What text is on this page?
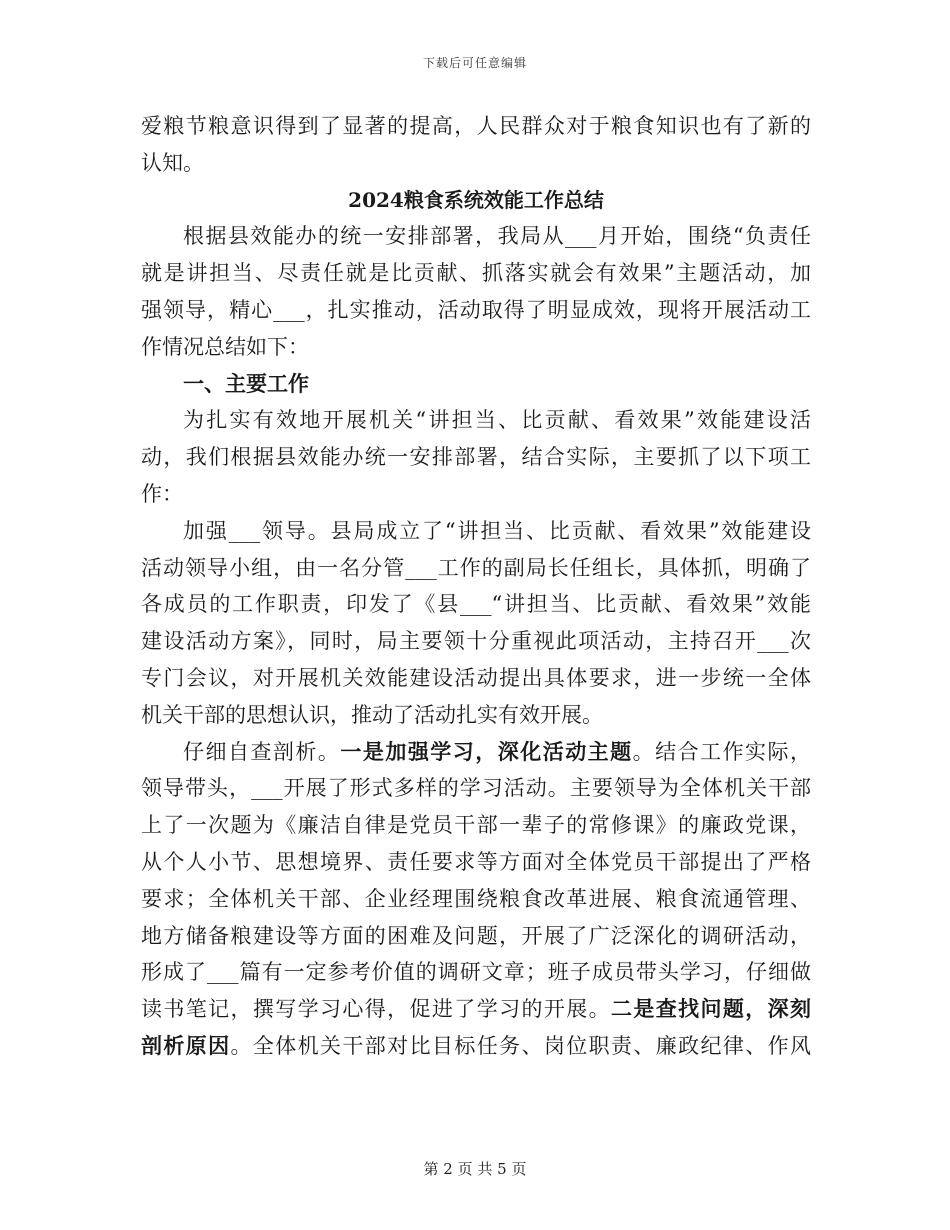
下载后可任意编辑
爱粮节粮意识得到了显著的提高，人民群众对于粮食知识也有了新的
认知。
2024粮食系统效能工作总结
根据县效能办的统一安排部署，我局从___月开始，围绕“负责任
就是讲担当、尽责任就是比贡献、抓落实就会有效果”主题活动，加
强领导，精心___，扎实推动，活动取得了明显成效，现将开展活动工
作情况总结如下：
一、主要工作
为扎实有效地开展机关“讲担当、比贡献、看效果”效能建设活
动，我们根据县效能办统一安排部署，结合实际，主要抓了以下项工
作：
加强___领导。县局成立了“讲担当、比贡献、看效果”效能建设
活动领导小组，由一名分管___工作的副局长任组长，具体抓，明确了
各成员的工作职责，印发了《县___“讲担当、比贡献、看效果”效能
建设活动方案》，同时，局主要领十分重视此项活动，主持召开___次
专门会议，对开展机关效能建设活动提出具体要求，进一步统一全体
机关干部的思想认识，推动了活动扎实有效开展。
仔细自查剖析。一是加强学习，深化活动主题。结合工作实际，
领导带头，___开展了形式多样的学习活动。主要领导为全体机关干部
上了一次题为《廉洁自律是党员干部一辈子的常修课》的廉政党课，
从个人小节、思想境界、责任要求等方面对全体党员干部提出了严格
要求；全体机关干部、企业经理围绕粮食改革进展、粮食流通管理、
地方储备粮建设等方面的困难及问题，开展了广泛深化的调研活动，
形成了___篇有一定参考价值的调研文章；班子成员带头学习，仔细做
读书笔记，撰写学习心得，促进了学习的开展。二是查找问题，深刻
剖析原因。全体机关干部对比目标任务、岗位职责、廉政纪律、作风
第 2 页 共 5 页
